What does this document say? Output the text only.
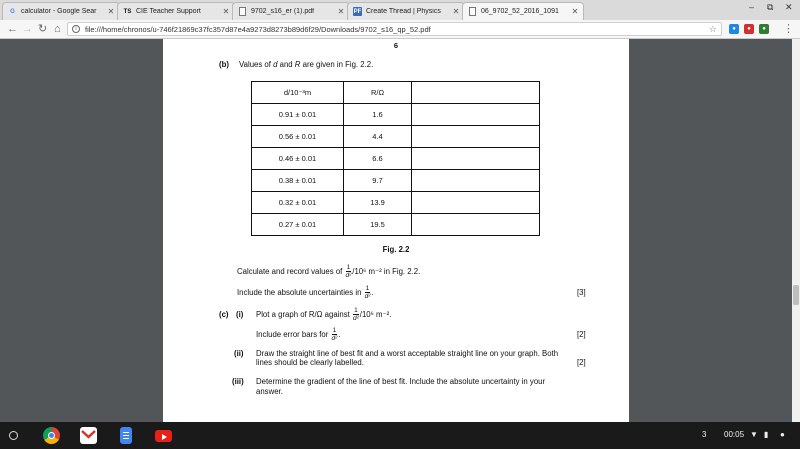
G calculator - Google Sear	✕ TS CIE Teacher Support	✕	9702_s16_er (1).pdf	✕ PF Create Thread | Physics	✕	06_9702_52_2016_1091	✕	– ⧉ ✕
← → ↻ ⌂	i	file:///home/chronos/u-746f21869c37fc357d87e4a9273d8273b89d6f29/Downloads/9702_s16_qp_52.pdf	☆	●	●	● ⋮
6
(b) Values of d and R are given in Fig. 2.2.
d/10⁻³m	R/Ω	
0.91 ± 0.01	1.6	
0.56 ± 0.01	4.4	
0.46 ± 0.01	6.6	
0.38 ± 0.01	9.7	
0.32 ± 0.01	13.9	
0.27 ± 0.01	19.5	
Fig. 2.2
Calculate and record values of $\frac{1}{\text{d²}} /10^6$ m⁻² in Fig. 2.2.
Include the absolute uncertainties in $\frac{1}{\text{d²}}$ .	[3]
(c) (i) Plot a graph of R/Ω against $\frac{1}{\text{d²}} /10^6$ m⁻².
Include error bars for $\frac{1}{\text{d²}}$ .	[2]
(ii) Draw the straight line of best fit and a worst acceptable straight line on your graph. Both
lines should be clearly labelled.	[2]
(iii) Determine the gradient of the line of best fit. Include the absolute uncertainty in your
answer.
3 00:05 ▼ ▮ ●
